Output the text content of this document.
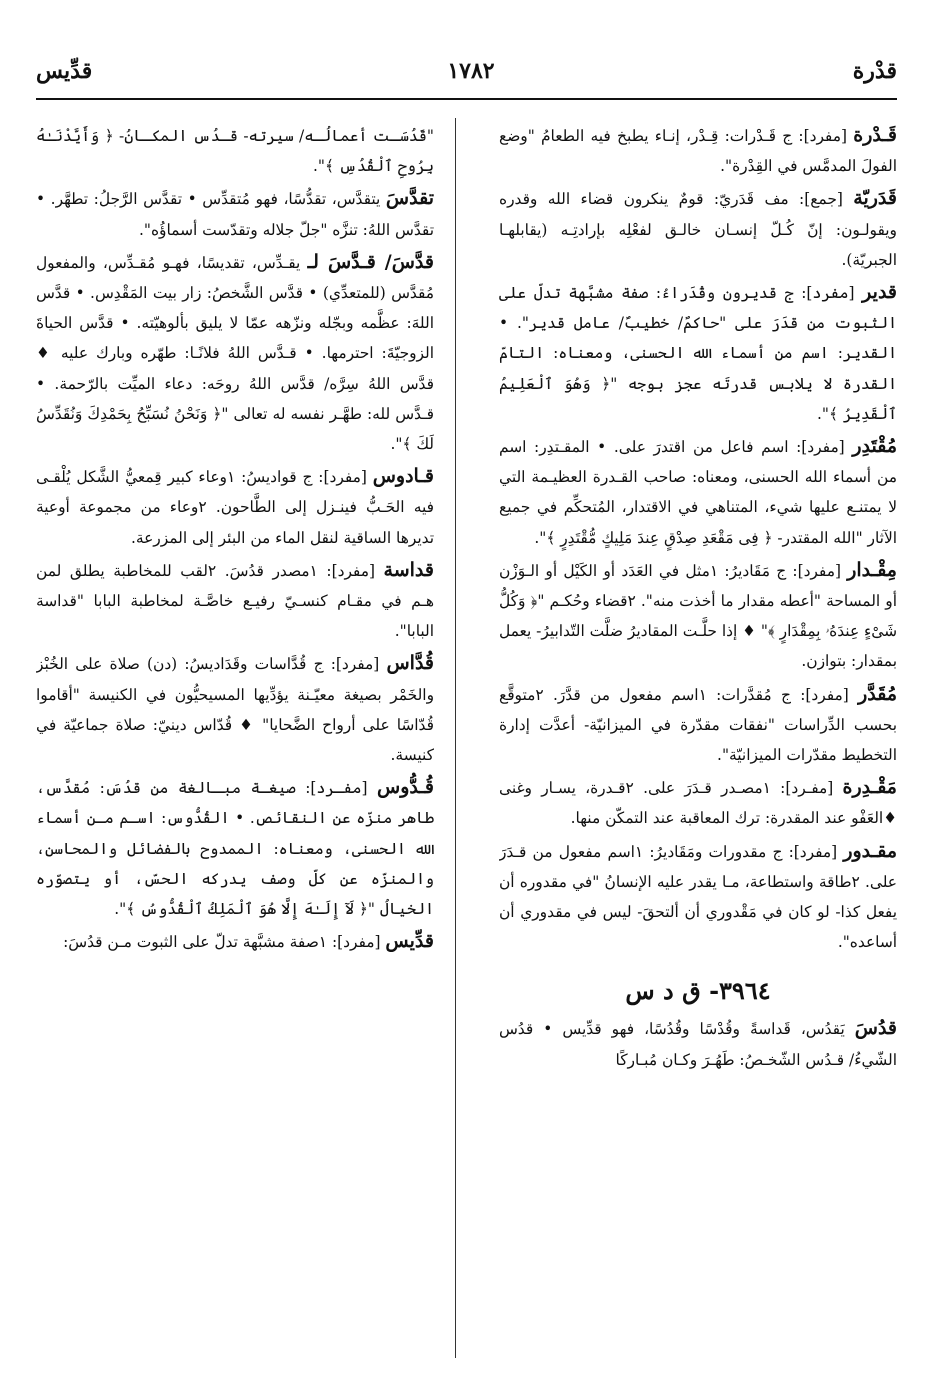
قدْرة
١٧٨٢
قدِّيس

قَـدْرة [مفرد]: ج قَـدْرات: قِـدْر، إنـاء يطبخ فيه الطعامُ "وضع الفولَ المدمَّس في القِدْرة".

قَدَريّة [جمع]: مف قَدَريّ: قومٌ ينكرون قضاء الله وقدره ويقولـون: إنّ كُـلّ إنسـان خالـق لفعْلِه بإرادتِـه (يقابلهـا الجبريّة).

قدير [مفرد]: ج قديرون وقُدَراءُ: صفة مشبَّهة تدلّ على الثبوت من قدَرَ على "حاكمٌ/ خطيبٌ/ عامل قدير". • القدير: اسم من أسماء الله الحسنى، ومعناه: التامّ القدرة لا يلابس قدرتَه عجز بوجه "﴿ وَهُوَ ٱلْعَلِيمُ ٱلْقَدِيرُ ﴾".

مُقْتَدِر [مفرد]: اسم فاعل من اقتدرَ على. • المقـتدِر: اسم من أسماء الله الحسنى، ومعناه: صاحب القـدرة العظيـمة التي لا يمتنـع عليها شيء، المتناهي في الاقتدار، المُتحكِّم في جميع الآثار "الله المقتدر- ﴿ فِى مَقْعَدِ صِدْقٍ عِندَ مَلِيكٍ مُّقْتَدِرٍ ﴾".

مِقْـدار [مفرد]: ج مَقَاديرُ: ١مثل في العَدَد أو الكَيْل أو الـوَزْن أو المساحة "أعطه مقدار ما أخذت منه". ٢قضاء وحُكـم "﴿ وَكُلُّ شَىْءٍ عِندَهُۥ بِمِقْدَارٍ ﴾" ♦ إذا حلَّـت المقاديرُ ضلَّت التّدابيرُ- يعمل بمقدار: بتوازن.

مُقَدَّر [مفرد]: ج مُقدَّرات: ١اسم مفعول من قدَّرَ. ٢متوقَّع بحسب الدِّراسات "نفقات مقدّرة في الميزانيّة- أعدَّت إدارة التخطيط مقدّرات الميزانيّة".

مَقْـدِرة [مفـرد]: ١مصـدر قـدَرَ على. ٢قـدرة، يسـار وغنى ♦العَفْو عند المقدرة: ترك المعاقبة عند التمكّن منها.

مقـدور [مفرد]: ج مقدورات ومَقَاديرُ: ١اسم مفعول من قـدَرَ على. ٢طاقة واستطاعة، مـا يقدر عليه الإنسانُ "في مقدوره أن يفعل كذا- لو كان في مَقْدوري أن ألتحقَ- ليس في مقدوري أن أساعده".

٣٩٦٤- ق د س

قدُسَ يَقدُس، قَداسةً وقُدْسًا وقُدُسًا، فهو قدِّيس • قدُس الشّيءُ/ قـدُس الشّخـصُ: طَهُـرَ وكـان مُبـاركًا

"قَدُسَـت أعمالُـه/ سيرته- قـدُس المكـانُ- ﴿ وَأَيَّدْنَـٰهُ بِرُوحِ ٱلْقُدُسِ ﴾".

تقدَّسَ يتقدَّس، تقدُّسًا، فهو مُتقدِّس • تقدَّس الرَّجلُ: تطهَّر. • تقدَّس اللهُ: تنزَّه "جلّ جلاله وتقدّست أسماؤُه".

قدَّسَ/ قـدَّسَ لـ يقـدِّس، تقديسًا، فهـو مُقـدِّس، والمفعول مُقدَّس (للمتعدِّي) • قدَّس الشَّخصُ: زار بيت المَقْدِس. • قدَّس اللهَ: عظَّمه وبجّله ونزّهه عمّا لا يليق بألوهيّته. • قدَّس الحياةَ الزوجيّةَ: احترمها. • قـدَّس اللهُ فلانًـا: طهّره وبارك عليه ♦ قدَّس اللهُ سِرَّه/ قدَّس اللهُ روحَه: دعاء الميِّت بالرّحمة. • قـدَّس لله: طهَّـر نفسه له تعالى "﴿ وَنَحْنُ نُسَبِّحُ بِحَمْدِكَ وَنُقَدِّسُ لَكَ ﴾".

قـادوس [مفرد]: ج قواديسُ: ١وعاء كبير قِمعيُّ الشَّكل يُلْقـى فيه الحَـبُّ فينـزل إلى الطَّاحون. ٢وعاء من مجموعة أوعية تديرها الساقية لنقل الماء من البئر إلى المزرعة.

قداسة [مفرد]: ١مصدر قدُسَ. ٢لقب للمخاطبة يطلق لمن هـم في مقـام كنسـيّ رفيـع خاصَّـة لمخاطبة البابا "قداسة البابا".

قُدَّاس [مفرد]: ج قُدَّاسات وقَدَاديسُ: (دن) صلاة على الخُبْز والخَمْر بصيغة معيّـنة يؤدِّيها المسيحيُّون في الكنيسة "أقاموا قُدّاسًا على أرواح الضَّحايا" ♦ قُدّاس دينيّ: صلاة جماعيّة في كنيسة.

قُـدُّوس [مفـرد]: صيغـة مبـالغة من قدُسَ: مُقدَّس، طاهر منزّه عن النقائص. • القُدُّوس: اسـم مـن أسماء الله الحسنى، ومعناه: الممدوح بالفضائل والمحاسن، والمنزّه عن كلّ وصف يدركه الحسّ، أو يتصوّره الخيالُ "﴿ لَآ إِلَـٰهَ إِلَّا هُوَ ٱلْمَلِكُ ٱلْقُدُّوسُ ﴾".

قدِّيس [مفرد]: ١صفة مشبَّهة تدلّ على الثبوت مـن قدُسَ:
